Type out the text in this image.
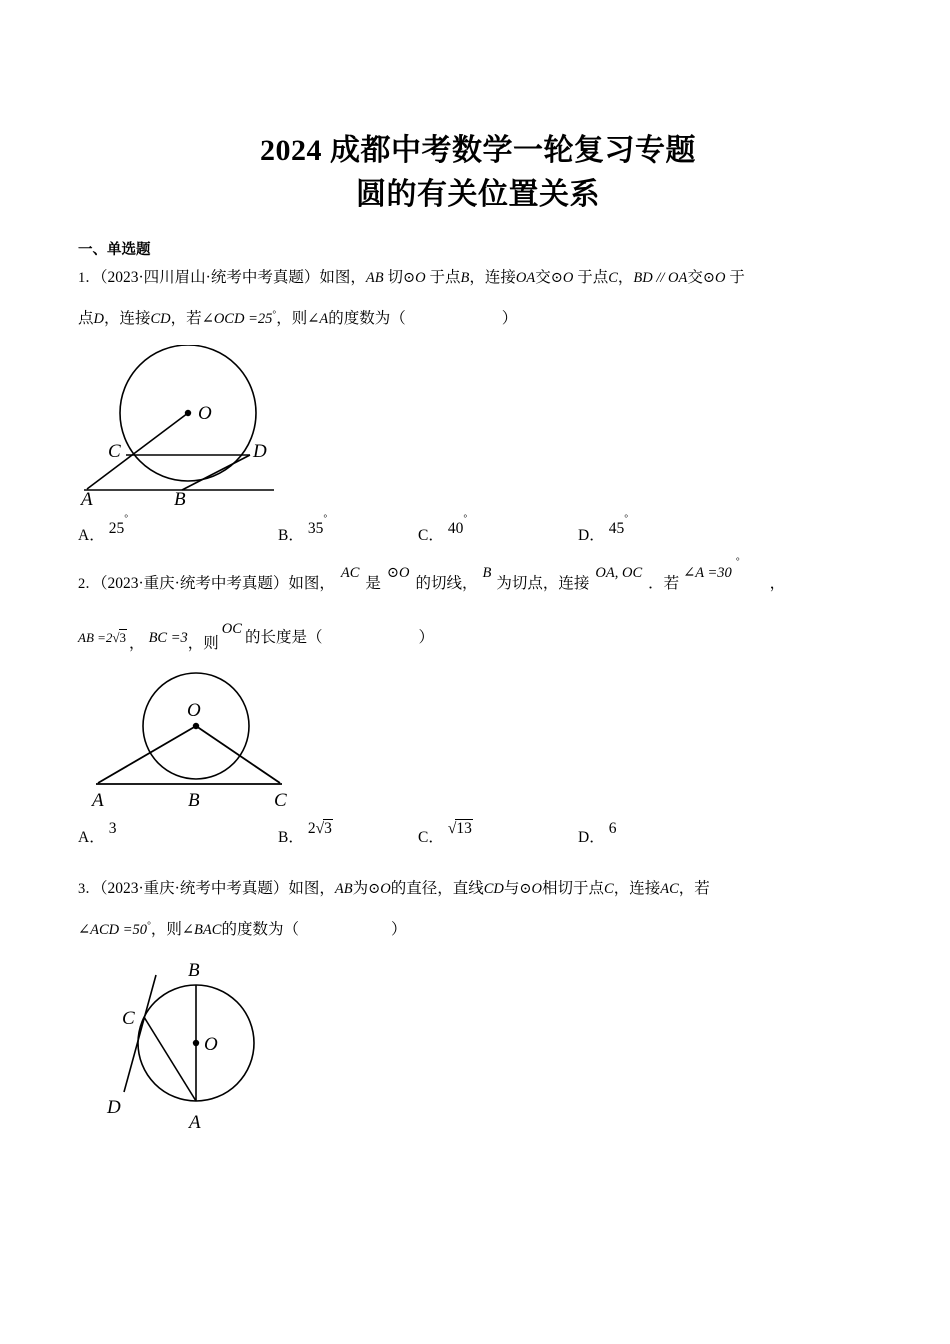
2024 成都中考数学一轮复习专题
圆的有关位置关系
一、单选题
1．（2023·四川眉山·统考中考真题）如图，AB 切⊙O 于点B，连接OA交⊙O 于点C，BD // OA交⊙O 于
点D，连接CD，若∠OCD =25°，则∠A的度数为（	）
O
C	D
A	B
A． 25°
B． 35°
C． 40°
D． 45°
2．（2023·重庆·统考中考真题）如图，AC是⊙O的切线，B为切点，连接OA, OC．若∠A =30°，
AB =2√3 ， BC =3，则OC 的长度是（	）
O
A	B	C
A．3
B．2√3
C．√13
D．6
3．（2023·重庆·统考中考真题）如图，AB为⊙O的直径，直线CD与⊙O相切于点C，连接AC，若
∠ACD =50°，则∠BAC的度数为（	）
B
C
O
D
A
